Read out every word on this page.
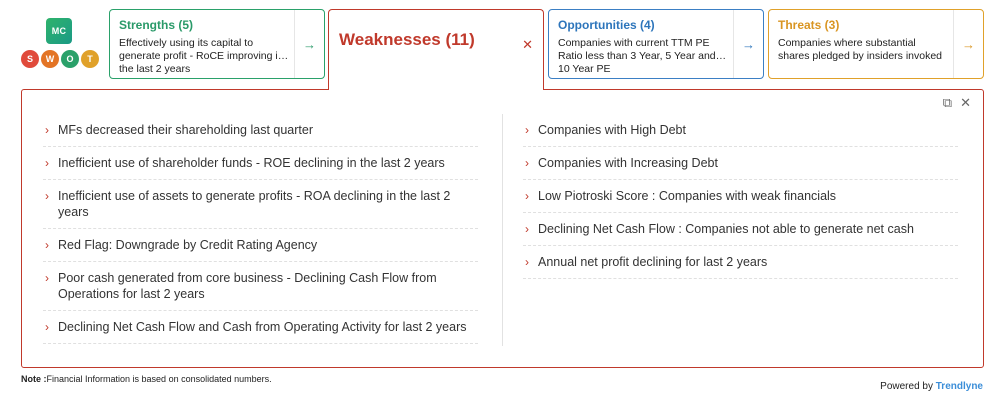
MC
S	W	O	T
Strengths (5)
Effectively using its capital to generate profit - RoCE improving in the last 2 years
→	Weaknesses (11)	✕
Opportunities (4)
Companies with current TTM PE Ratio less than 3 Year, 5 Year and 10 Year PE
→
Threats (3)
Companies where substantial shares pledged by insiders invoked
→
⧉ ✕
› MFs decreased their shareholding last quarter
› Inefficient use of shareholder funds - ROE declining in the last 2 years
› Inefficient use of assets to generate profits - ROA declining in the last 2 years
› Red Flag: Downgrade by Credit Rating Agency
› Poor cash generated from core business - Declining Cash Flow from Operations for last 2 years
› Declining Net Cash Flow and Cash from Operating Activity for last 2 years
› Companies with High Debt
› Companies with Increasing Debt
› Low Piotroski Score : Companies with weak financials
› Declining Net Cash Flow : Companies not able to generate net cash
› Annual net profit declining for last 2 years
Note :Financial Information is based on consolidated numbers.
Powered by Trendlyne
